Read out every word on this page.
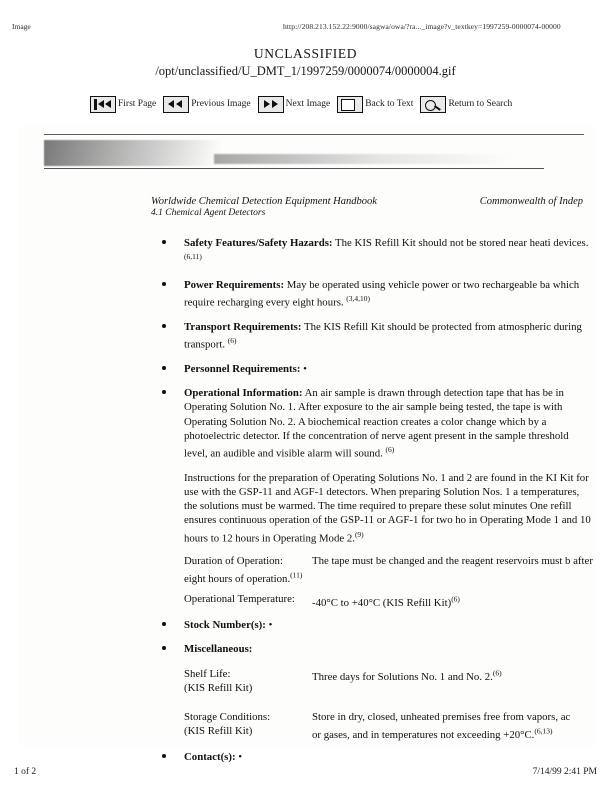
Image	http://208.213.152.22:9000/sagwa/owa/?ra..._image?v_textkey=1997259-0000074-00000
UNCLASSIFIED
/opt/unclassified/U_DMT_1/1997259/0000074/0000004.gif
First Page	Previous Image	Next Image	Back to Text	Return to Search
Worldwide Chemical Detection Equipment Handbook
4.1 Chemical Agent Detectors
Commonwealth of Indep
Safety Features/Safety Hazards: The KIS Refill Kit should not be stored near heati devices. $^{(6,11)}$
Power Requirements: May be operated using vehicle power or two rechargeable ba which require recharging every eight hours. $^{(3,4,10)}$
Transport Requirements: The KIS Refill Kit should be protected from atmospheric during transport. $^{(6)}$
Personnel Requirements: •
Operational Information: An air sample is drawn through detection tape that has be in Operating Solution No. 1. After exposure to the air sample being tested, the tape is with Operating Solution No. 2. A biochemical reaction creates a color change which by a photoelectric detector. If the concentration of nerve agent present in the sample threshold level, an audible and visible alarm will sound. $^{(6)}$
Instructions for the preparation of Operating Solutions No. 1 and 2 are found in the KI Kit for use with the GSP-11 and AGF-1 detectors. When preparing Solution Nos. 1 a temperatures, the solutions must be warmed. The time required to prepare these solut minutes One refill ensures continuous operation of the GSP-11 or AGF-1 for two ho in Operating Mode 1 and 10 hours to 12 hours in Operating Mode 2.$^{(9)}$
Duration of Operation:	The tape must be changed and the reagent reservoirs must b after eight hours of operation.$^{(11)}$
Operational Temperature:	-40°C to +40°C (KIS Refill Kit)$^{(6)}$
Stock Number(s): •
Miscellaneous:
Shelf Life:
(KIS Refill Kit)
Three days for Solutions No. 1 and No. 2.$^{(6)}$
Storage Conditions:
(KIS Refill Kit)
Store in dry, closed, unheated premises free from vapors, ac or gases, and in temperatures not exceeding +20°C.$^{(6,13)}$
Contact(s): •
1 of 2	7/14/99 2:41 PM
